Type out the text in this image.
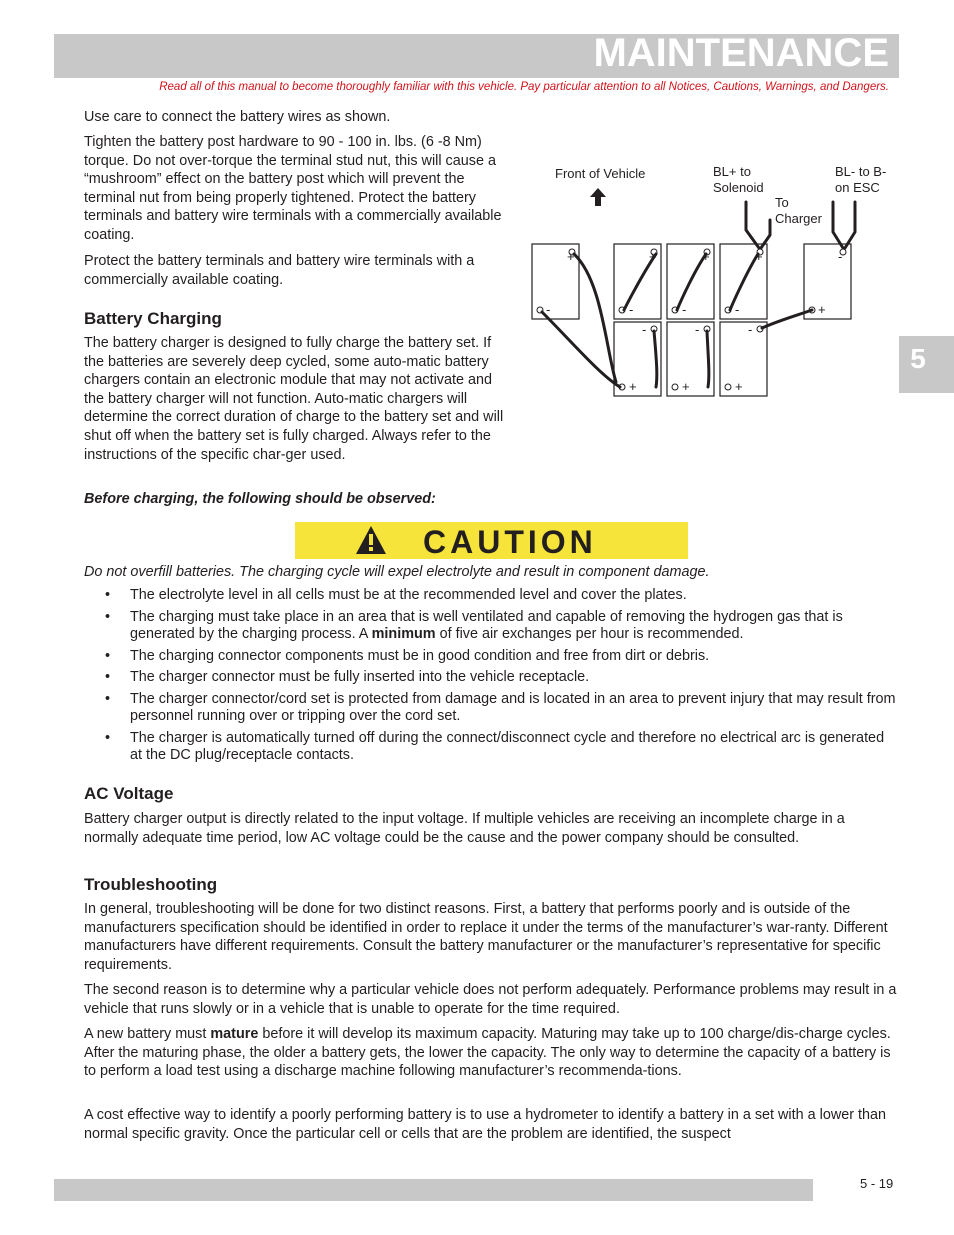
MAINTENANCE
Read all of this manual to become thoroughly familiar with this vehicle. Pay particular attention to all Notices, Cautions, Warnings, and Dangers.

Use care to connect the battery wires as shown.

Tighten the battery post hardware to 90 - 100 in. lbs. (6 -8 Nm) torque. Do not over-torque the terminal stud nut, this will cause a “mushroom” effect on the battery post which will prevent the terminal nut from being properly tightened. Protect the battery terminals and battery wire terminals with a commercially available coating.

Protect the battery terminals and battery wire terminals with a commercially available coating.

Front of Vehicle	BL+ to Solenoid
To Charger
BL- to B- on ESC
+
-
+
-
+
-
+
-
-
+
-
+
-
+
-
+
Battery Charging

The battery charger is designed to fully charge the battery set. If the batteries are severely deep cycled, some auto-matic battery chargers contain an electronic module that may not activate and the battery charger will not function. Auto-matic chargers will determine the correct duration of charge to the battery set and will shut off when the battery set is fully charged. Always refer to the instructions of the specific char-ger used.

Before charging, the following should be observed:

CAUTION

Do not overfill batteries. The charging cycle will expel electrolyte and result in component damage.

• The electrolyte level in all cells must be at the recommended level and cover the plates.
• The charging must take place in an area that is well ventilated and capable of removing the hydrogen gas that is generated by the charging process. A minimum of five air exchanges per hour is recommended.
• The charging connector components must be in good condition and free from dirt or debris.
• The charger connector must be fully inserted into the vehicle receptacle.
• The charger connector/cord set is protected from damage and is located in an area to prevent injury that may result from personnel running over or tripping over the cord set.
• The charger is automatically turned off during the connect/disconnect cycle and therefore no electrical arc is generated at the DC plug/receptacle contacts.
AC Voltage

Battery charger output is directly related to the input voltage. If multiple vehicles are receiving an incomplete charge in a normally adequate time period, low AC voltage could be the cause and the power company should be consulted.

Troubleshooting

In general, troubleshooting will be done for two distinct reasons. First, a battery that performs poorly and is outside of the manufacturers specification should be identified in order to replace it under the terms of the manufacturer’s war-ranty. Different manufacturers have different requirements. Consult the battery manufacturer or the manufacturer’s representative for specific requirements.

The second reason is to determine why a particular vehicle does not perform adequately. Performance problems may result in a vehicle that runs slowly or in a vehicle that is unable to operate for the time required.

A new battery must mature before it will develop its maximum capacity. Maturing may take up to 100 charge/dis-charge cycles. After the maturing phase, the older a battery gets, the lower the capacity. The only way to determine the capacity of a battery is to perform a load test using a discharge machine following manufacturer’s recommenda-tions.

A cost effective way to identify a poorly performing battery is to use a hydrometer to identify a battery in a set with a lower than normal specific gravity. Once the particular cell or cells that are the problem are identified, the suspect

5
5 - 19
